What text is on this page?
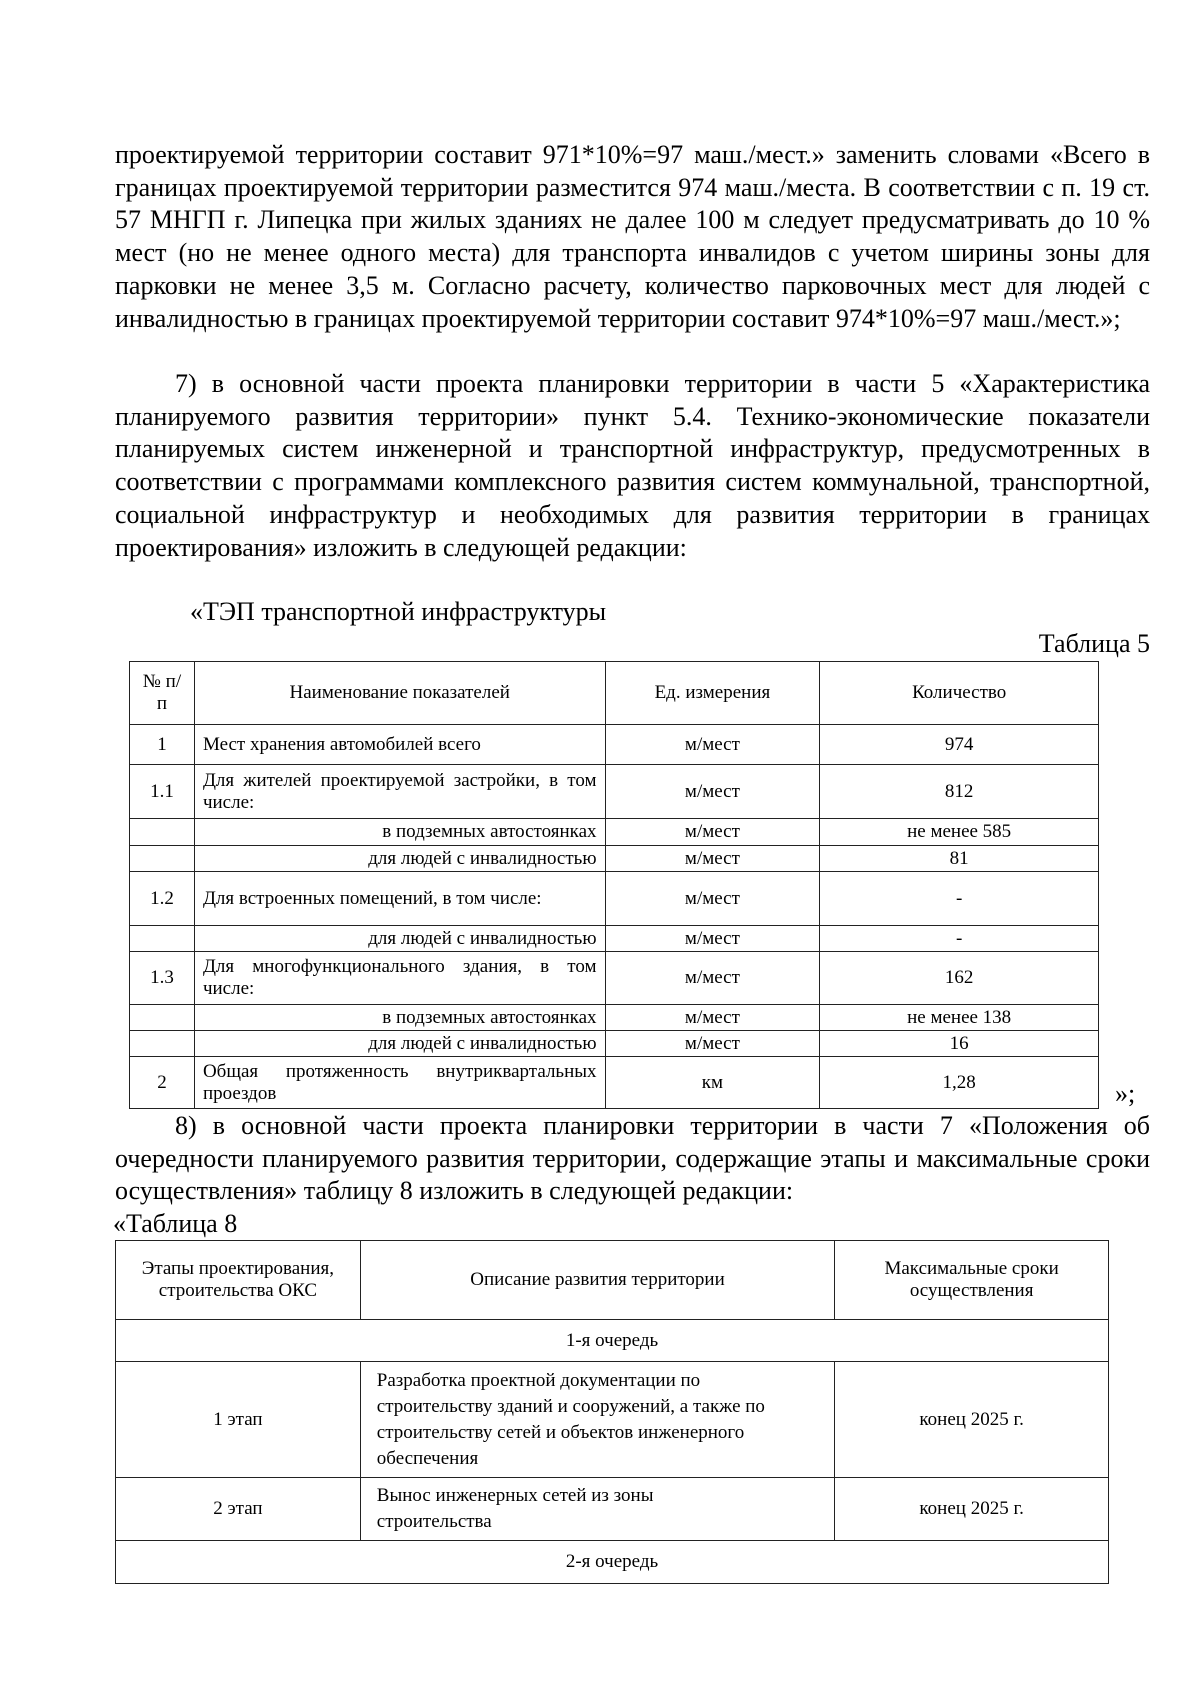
проектируемой территории составит 971*10%=97 маш./мест.» заменить словами «Всего в границах проектируемой территории разместится 974 маш./места. В соответствии с п. 19 ст. 57 МНГП г. Липецка при жилых зданиях не далее 100 м следует предусматривать до 10 % мест (но не менее одного места) для транспорта инвалидов с учетом ширины зоны для парковки не менее 3,5 м. Согласно расчету, количество парковочных мест для людей с инвалидностью в границах проектируемой территории составит 974*10%=97 маш./мест.»;
7) в основной части проекта планировки территории в части 5 «Характеристика планируемого развития территории» пункт 5.4. Технико-экономические показатели планируемых систем инженерной и транспортной инфраструктур, предусмотренных в соответствии с программами комплексного развития систем коммунальной, транспортной, социальной инфраструктур и необходимых для развития территории в границах проектирования» изложить в следующей редакции:
«ТЭП транспортной инфраструктуры
Таблица 5
№ п/п	Наименование показателей	Ед. измерения	Количество
1	Мест хранения автомобилей всего	м/мест	974
1.1	Для жителей проектируемой застройки, в том числе:	м/мест	812
	в подземных автостоянках	м/мест	не менее 585
	для людей с инвалидностью	м/мест	81
1.2	Для встроенных помещений, в том числе:	м/мест	-
	для людей с инвалидностью	м/мест	-
1.3	Для многофункционального здания, в том числе:	м/мест	162
	в подземных автостоянках	м/мест	не менее 138
	для людей с инвалидностью	м/мест	16
2	Общая протяженность внутриквартальных проездов	км	1,28	»;
8) в основной части проекта планировки территории в части 7 «Положения об очередности планируемого развития территории, содержащие этапы и максимальные сроки осуществления» таблицу 8 изложить в следующей редакции:
«Таблица 8
Этапы проектирования, строительства ОКС	Описание развития территории	Максимальные сроки осуществления
1-я очередь		
1 этап	Разработка проектной документации по строительству зданий и сооружений, а также по строительству сетей и объектов инженерного обеспечения	конец 2025 г.
2 этап	Вынос инженерных сетей из зоны строительства	конец 2025 г.
2-я очередь		
